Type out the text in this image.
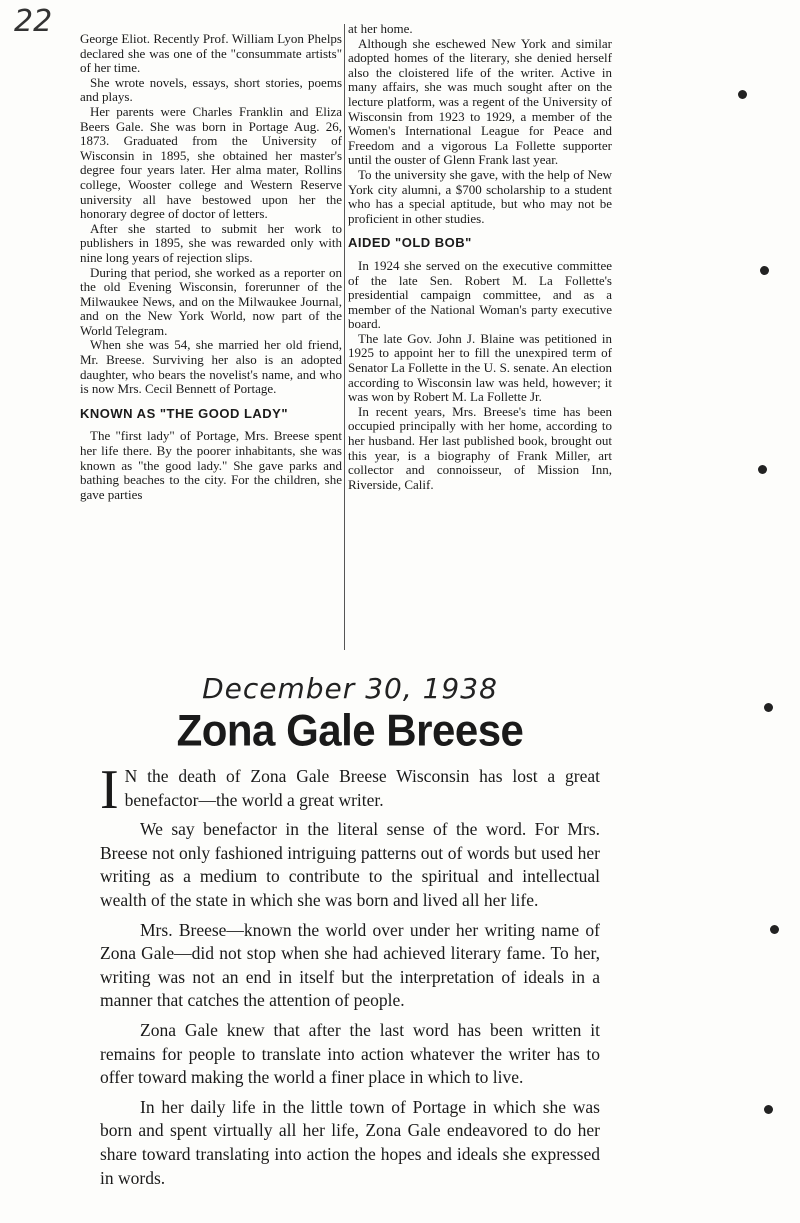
22 George Eliot. Recently Prof. William Lyon Phelps declared she was one of the "consummate artists" of her time.

She wrote novels, essays, short stories, poems and plays.

Her parents were Charles Franklin and Eliza Beers Gale. She was born in Portage Aug. 26, 1873. Graduated from the University of Wisconsin in 1895, she obtained her master's degree four years later. Her alma mater, Rollins college, Wooster college and Western Reserve university all have bestowed upon her the honorary degree of doctor of letters.

After she started to submit her work to publishers in 1895, she was rewarded only with nine long years of rejection slips.

During that period, she worked as a reporter on the old Evening Wisconsin, forerunner of the Milwaukee News, and on the Milwaukee Journal, and on the New York World, now part of the World Telegram.

When she was 54, she married her old friend, Mr. Breese. Surviving her also is an adopted daughter, who bears the novelist's name, and who is now Mrs. Cecil Bennett of Portage.

KNOWN AS "THE GOOD LADY"

The "first lady" of Portage, Mrs. Breese spent her life there. By the poorer inhabitants, she was known as "the good lady." She gave parks and bathing beaches to the city. For the children, she gave parties

at her home.

Although she eschewed New York and similar adopted homes of the literary, she denied herself also the cloistered life of the writer. Active in many affairs, she was much sought after on the lecture platform, was a regent of the University of Wisconsin from 1923 to 1929, a member of the Women's International League for Peace and Freedom and a vigorous La Follette supporter until the ouster of Glenn Frank last year.

To the university she gave, with the help of New York city alumni, a $700 scholarship to a student who has a special aptitude, but who may not be proficient in other studies.

AIDED "OLD BOB"

In 1924 she served on the executive committee of the late Sen. Robert M. La Follette's presidential campaign committee, and as a member of the National Woman's party executive board.

The late Gov. John J. Blaine was petitioned in 1925 to appoint her to fill the unexpired term of Senator La Follette in the U. S. senate. An election according to Wisconsin law was held, however; it was won by Robert M. La Follette Jr.

In recent years, Mrs. Breese's time has been occupied principally with her home, according to her husband. Her last published book, brought out this year, is a biography of Frank Miller, art collector and connoisseur, of Mission Inn, Riverside, Calif.

December 30, 1938

Zona Gale Breese

I N the death of Zona Gale Breese Wisconsin has lost a great benefactor—the world a great writer.

We say benefactor in the literal sense of the word. For Mrs. Breese not only fashioned intriguing patterns out of words but used her writing as a medium to contribute to the spiritual and intellectual wealth of the state in which she was born and lived all her life.

Mrs. Breese—known the world over under her writing name of Zona Gale—did not stop when she had achieved literary fame. To her, writing was not an end in itself but the interpretation of ideals in a manner that catches the attention of people.

Zona Gale knew that after the last word has been written it remains for people to translate into action whatever the writer has to offer toward making the world a finer place in which to live.

In her daily life in the little town of Portage in which she was born and spent virtually all her life, Zona Gale endeavored to do her share toward translating into action the hopes and ideals she expressed in words.
